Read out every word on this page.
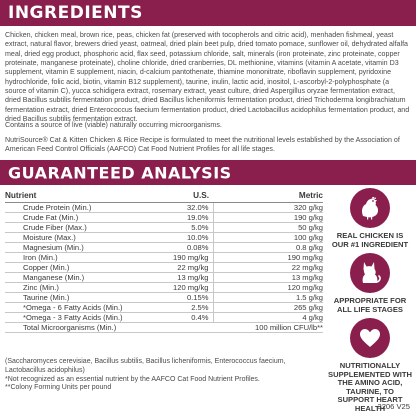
INGREDIENTS
Chicken, chicken meal, brown rice, peas, chicken fat (preserved with tocopherols and citric acid), menhaden fishmeal, yeast extract, natural flavor, brewers dried yeast, oatmeal, dried plain beet pulp, dried tomato pomace, sunflower oil, dehydrated alfalfa meal, dried egg product, phosphoric acid, flax seed, potassium chloride, salt, minerals (iron proteinate, zinc proteinate, copper proteinate, manganese proteinate), choline chloride, dried cranberries, DL methionine, vitamins (vitamin A acetate, vitamin D3 supplement, vitamin E supplement, niacin, d-calcium pantothenate, thiamine mononitrate, riboflavin supplement, pyridoxine hydrochloride, folic acid, biotin, vitamin B12 supplement), taurine, inulin, lactic acid, inositol, L-ascorbyl-2-polyphosphate (a source of vitamin C), yucca schidigera extract, rosemary extract, yeast culture, dried Aspergillus oryzae fermentation extract, dried Bacillus subtilis fermentation product, dried Bacillus licheniformis fermentation product, dried Trichoderma longibrachiatum fermentation extract, dried Enterococcus faecium fermentation product, dried Lactobacillus acidophilus fermentation product, and dried Bacillus subtilis fermentation extract.
Contains a source of live (viable) naturally occurring microorganisms.
NutriSource® Cat & Kitten Chicken & Rice Recipe is formulated to meet the nutritional levels established by the Association of American Feed Control Officials (AAFCO) Cat Food Nutrient Profiles for all life stages.
GUARANTEED ANALYSIS
Nutrient	U.S.	Metric
Crude Protein (Min.)	32.0%	320 g/kg
Crude Fat (Min.)	19.0%	190 g/kg
Crude Fiber (Max.)	5.0%	50 g/kg
Moisture (Max.)	10.0%	100 g/kg
Magnesium (Min.)	0.08%	0.8 g/kg
Iron (Min.)	190 mg/kg	190 mg/kg
Copper (Min.)	22 mg/kg	22 mg/kg
Manganese (Min.)	13 mg/kg	13 mg/kg
Zinc (Min.)	120 mg/kg	120 mg/kg
Taurine (Min.)	0.15%	1.5 g/kg
*Omega - 6 Fatty Acids (Min.)	2.5%	265 g/kg
*Omega - 3 Fatty Acids (Min.)	0.4%	4 g/kg
Total Microorganisms (Min.)	100 million CFU/lb**	
(Saccharomyces cerevisiae, Bacillus subtilis, Bacillus licheniformis, Enterococcus faecium, Lactobacillus acidophilus)
*Not recognized as an essential nutrient by the AAFCO Cat Food Nutrient Profiles.
**Colony Forming Units per pound
REAL CHICKEN IS OUR #1 INGREDIENT
APPROPRIATE FOR ALL LIFE STAGES
NUTRITIONALLY SUPPLEMENTED WITH THE AMINO ACID, TAURINE, TO SUPPORT HEART HEALTH
3206 V25
